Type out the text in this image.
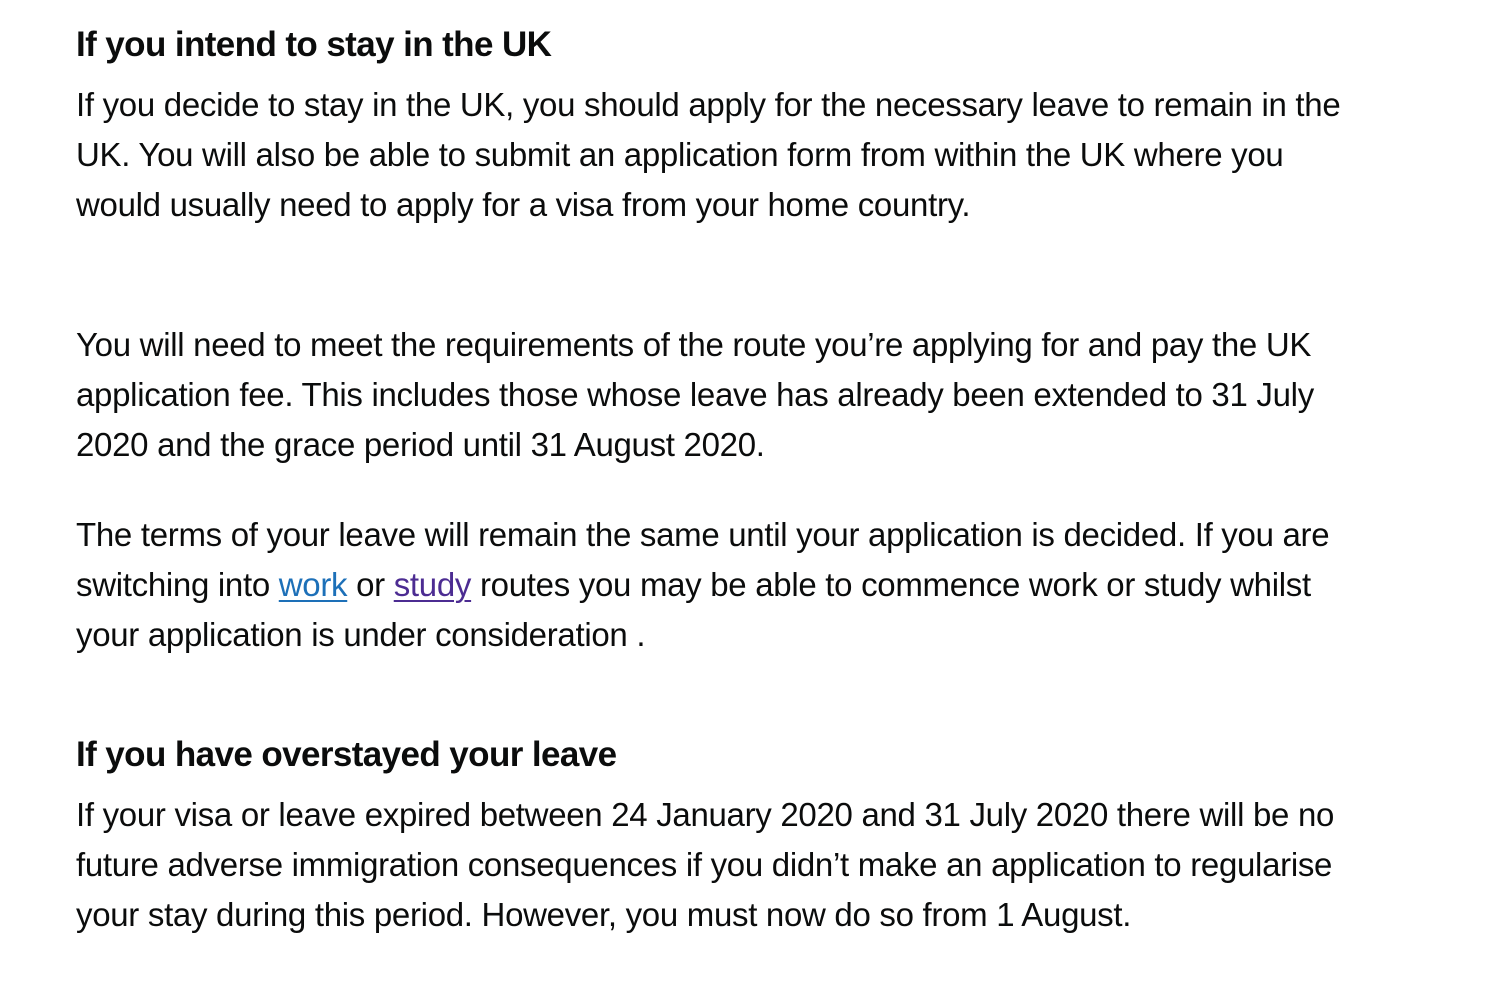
If you intend to stay in the UK

If you decide to stay in the UK, you should apply for the necessary leave to remain in the UK. You will also be able to submit an application form from within the UK where you would usually need to apply for a visa from your home country.

You will need to meet the requirements of the route you’re applying for and pay the UK application fee. This includes those whose leave has already been extended to 31 July 2020 and the grace period until 31 August 2020.

The terms of your leave will remain the same until your application is decided. If you are switching into work or study routes you may be able to commence work or study whilst your application is under consideration .

If you have overstayed your leave

If your visa or leave expired between 24 January 2020 and 31 July 2020 there will be no future adverse immigration consequences if you didn’t make an application to regularise your stay during this period. However, you must now do so from 1 August.
